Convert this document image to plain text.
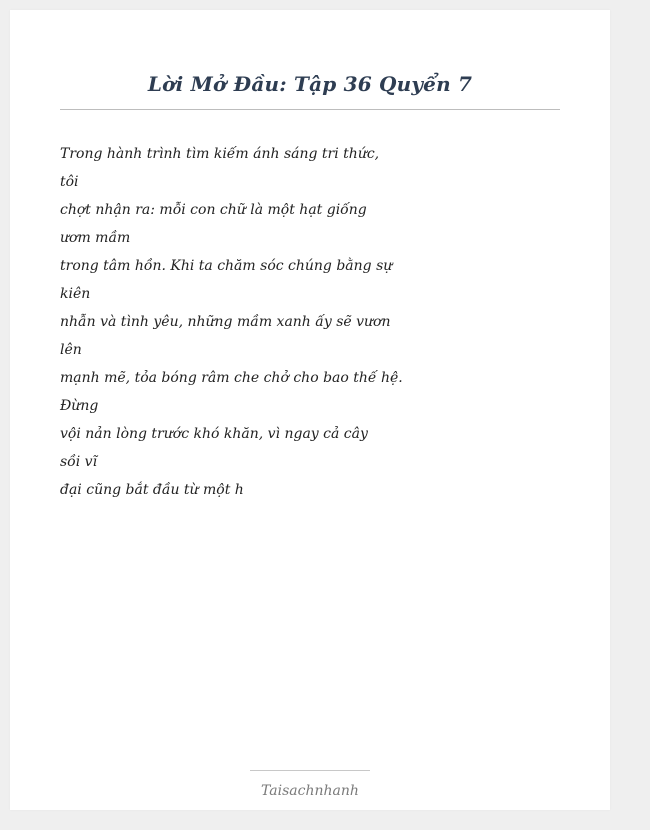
Lời Mở Đầu: Tập 36 Quyển 7
Trong hành trình tìm kiếm ánh sáng tri thức,
tôi
chợt nhận ra: mỗi con chữ là một hạt giống
ươm mầm
trong tâm hồn. Khi ta chăm sóc chúng bằng sự
kiên
nhẫn và tình yêu, những mầm xanh ấy sẽ vươn
lên
mạnh mẽ, tỏa bóng râm che chở cho bao thế hệ.
Đừng
vội nản lòng trước khó khăn, vì ngay cả cây
sồi vĩ
đại cũng bắt đầu từ một h
Taisachnhanh
